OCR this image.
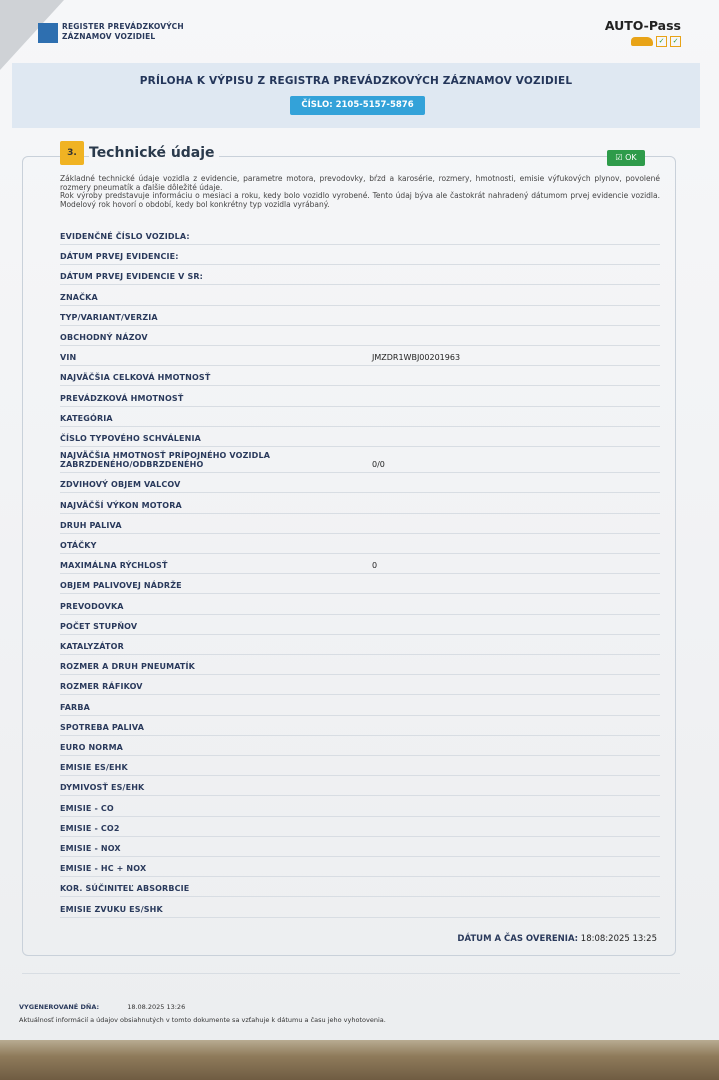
REGISTER PREVÁDZKOVÝCH
ZÁZNAMOV VOZIDIEL
AUTO-Pass
✓	✓
PRÍLOHA K VÝPISU Z REGISTRA PREVÁDZKOVÝCH ZÁZNAMOV VOZIDIEL
ČÍSLO: 2105-5157-5876
3. Technické údaje	☑ OK
Základné technické údaje vozidla z evidencie, parametre motora, prevodovky, bŕzd a karosérie, rozmery, hmotnosti, emisie výfukových plynov, povolené rozmery pneumatík a ďalšie dôležité údaje.
Rok výroby predstavuje informáciu o mesiaci a roku, kedy bolo vozidlo vyrobené. Tento údaj býva ale častokrát nahradený dátumom prvej evidencie vozidla. Modelový rok hovorí o období, kedy bol konkrétny typ vozidla vyrábaný.
EVIDENČNÉ ČÍSLO VOZIDLA:
DÁTUM PRVEJ EVIDENCIE:
DÁTUM PRVEJ EVIDENCIE V SR:
ZNAČKA
TYP/VARIANT/VERZIA
OBCHODNÝ NÁZOV
VIN	JMZDR1WBJ00201963
NAJVÄČŠIA CELKOVÁ HMOTNOSŤ
PREVÁDZKOVÁ HMOTNOSŤ
KATEGÓRIA
ČÍSLO TYPOVÉHO SCHVÁLENIA
NAJVÄČŠIA HMOTNOSŤ PRÍPOJNÉHO VOZIDLA
ZABRZDENÉHO/ODBRZDENÉHO	0/0
ZDVIHOVÝ OBJEM VALCOV
NAJVÄČŠÍ VÝKON MOTORA
DRUH PALIVA
OTÁČKY
MAXIMÁLNA RÝCHLOSŤ	0
OBJEM PALIVOVEJ NÁDRŽE
PREVODOVKA
POČET STUPŇOV
KATALYZÁTOR
ROZMER A DRUH PNEUMATÍK
ROZMER RÁFIKOV
FARBA
SPOTREBA PALIVA
EURO NORMA
EMISIE ES/EHK
DYMIVOSŤ ES/EHK
EMISIE - CO
EMISIE - CO2
EMISIE - NOX
EMISIE - HC + NOX
KOR. SÚČINITEĽ ABSORBCIE
EMISIE ZVUKU ES/SHK
DÁTUM A ČAS OVERENIA: 18:08:2025 13:25
VYGENEROVANÉ DŇA:	18.08.2025 13:26
Aktuálnosť informácií a údajov obsiahnutých v tomto dokumente sa vzťahuje k dátumu a času jeho vyhotovenia.
